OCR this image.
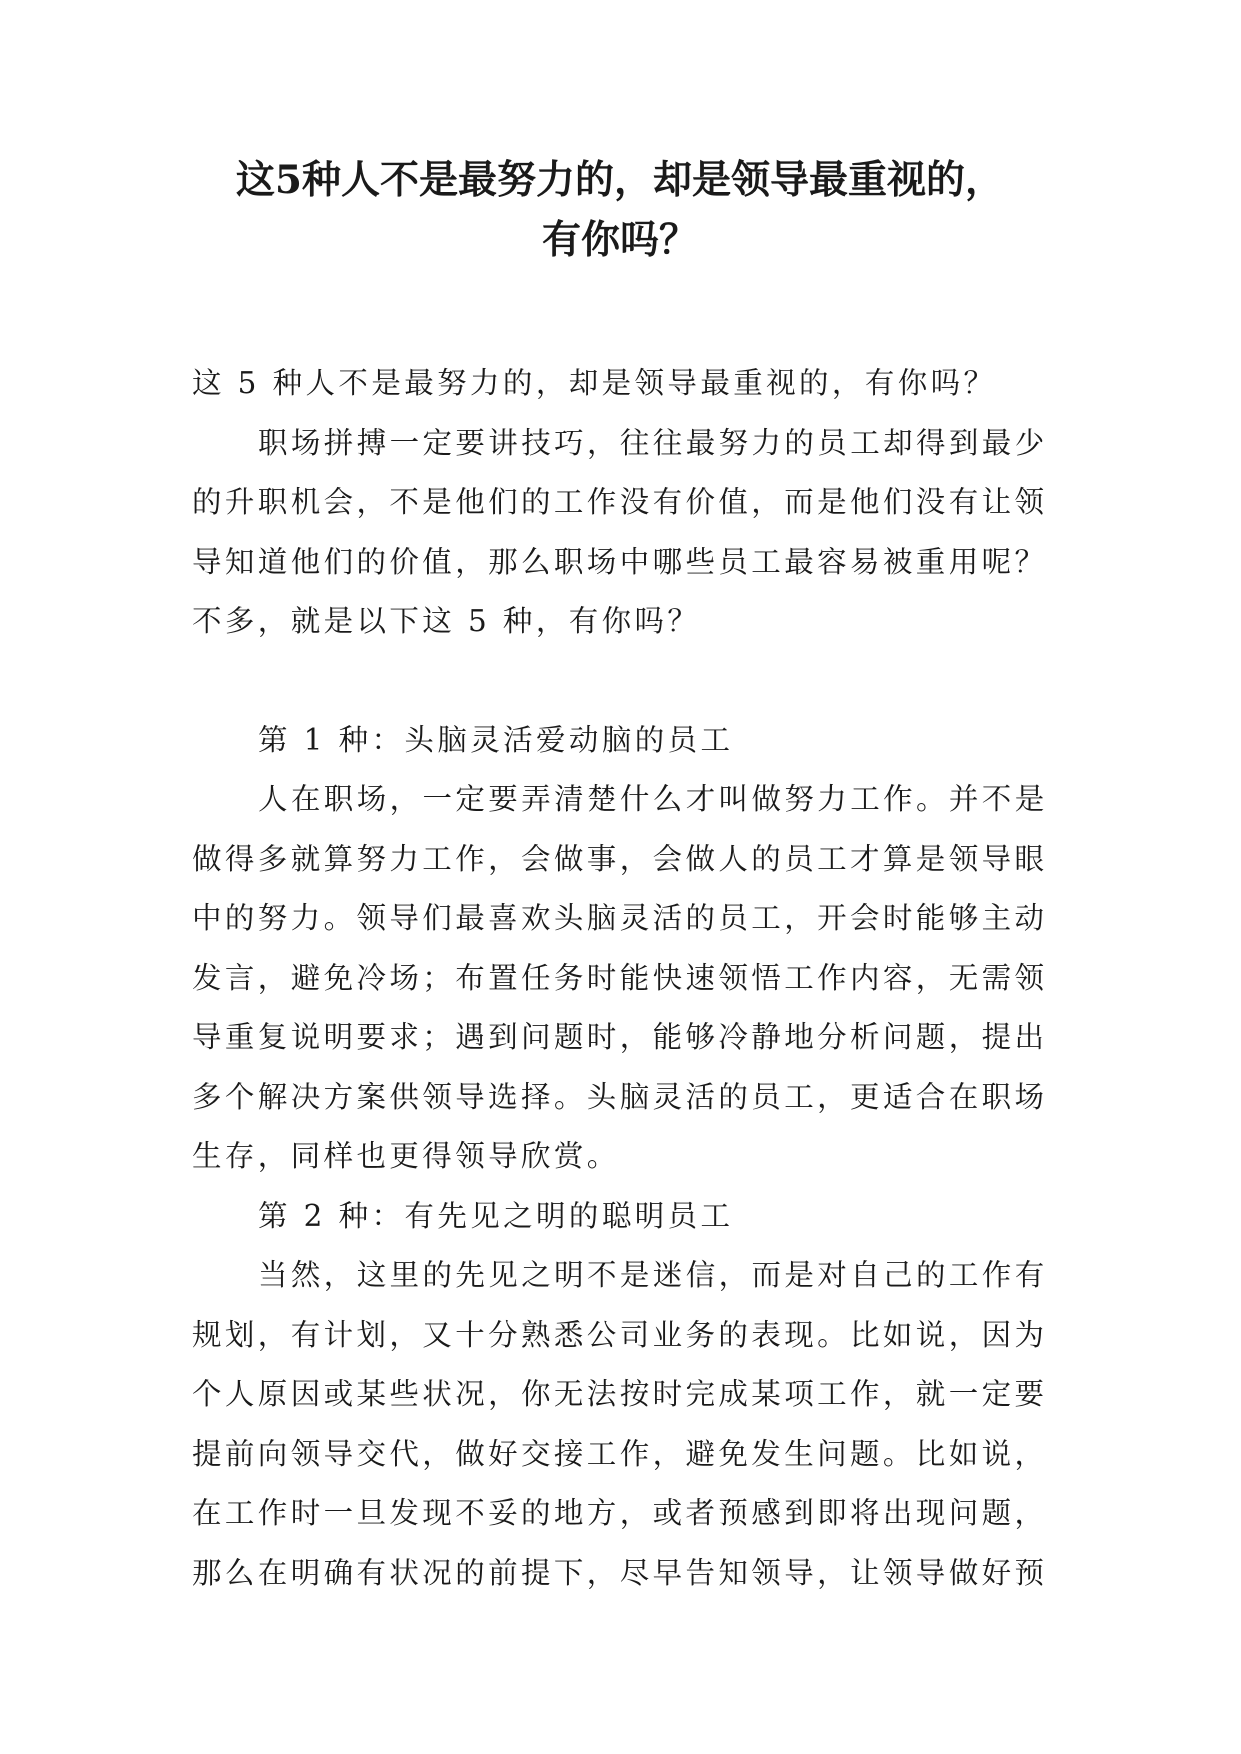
这5种人不是最努力的，却是领导最重视的，
有你吗？
这 5 种人不是最努力的，却是领导最重视的，有你吗？
职场拼搏一定要讲技巧，往往最努力的员工却得到最少
的升职机会，不是他们的工作没有价值，而是他们没有让领
导知道他们的价值，那么职场中哪些员工最容易被重用呢？
不多，就是以下这 5 种，有你吗？
第 1 种：头脑灵活爱动脑的员工
人在职场，一定要弄清楚什么才叫做努力工作。并不是
做得多就算努力工作，会做事，会做人的员工才算是领导眼
中的努力。领导们最喜欢头脑灵活的员工，开会时能够主动
发言，避免冷场；布置任务时能快速领悟工作内容，无需领
导重复说明要求；遇到问题时，能够冷静地分析问题，提出
多个解决方案供领导选择。头脑灵活的员工，更适合在职场
生存，同样也更得领导欣赏。
第 2 种：有先见之明的聪明员工
当然，这里的先见之明不是迷信，而是对自己的工作有
规划，有计划，又十分熟悉公司业务的表现。比如说，因为
个人原因或某些状况，你无法按时完成某项工作，就一定要
提前向领导交代，做好交接工作，避免发生问题。比如说，
在工作时一旦发现不妥的地方，或者预感到即将出现问题，
那么在明确有状况的前提下，尽早告知领导，让领导做好预
